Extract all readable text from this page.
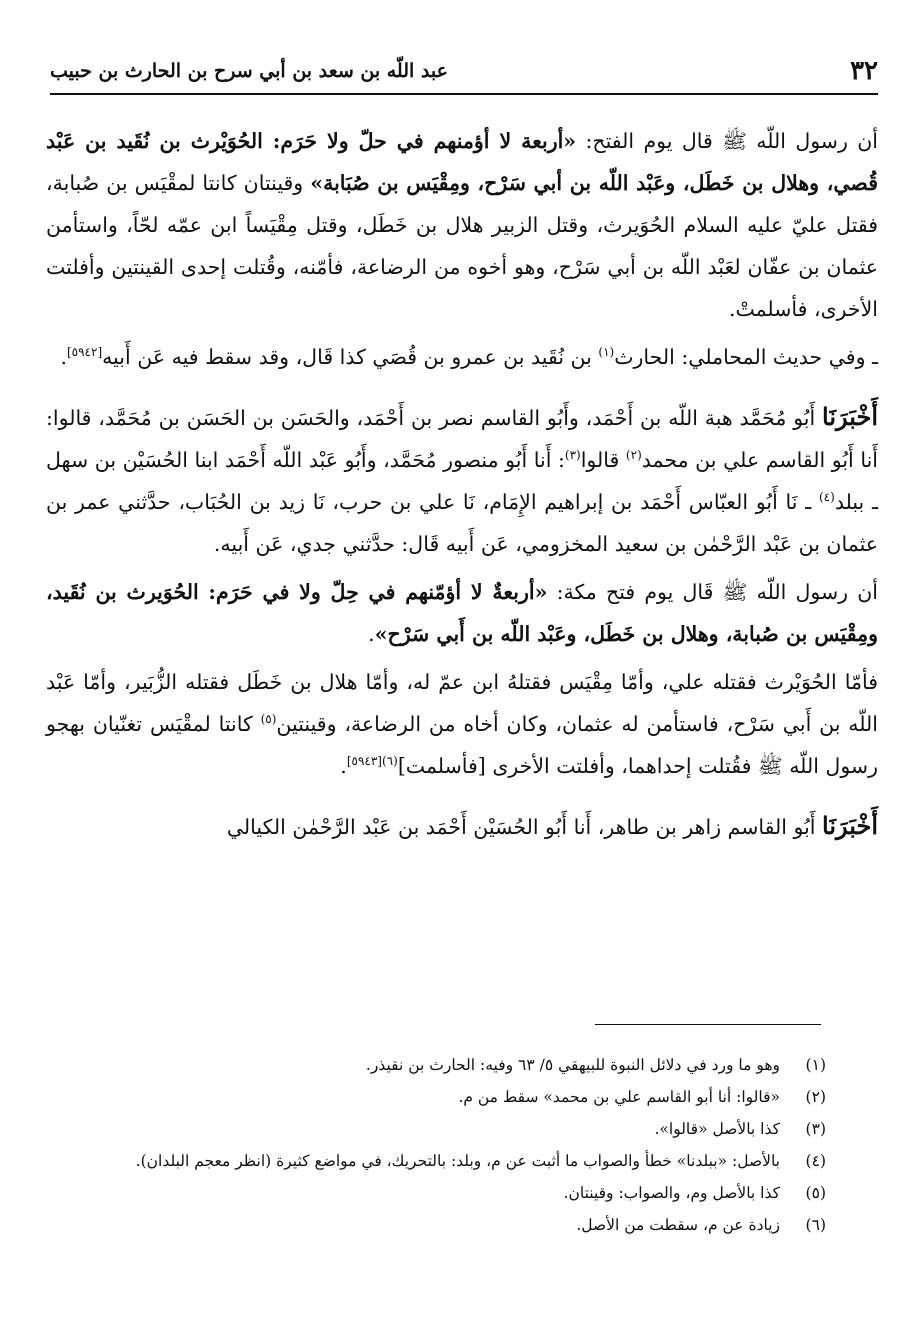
٣٢
عبد اللّه بن سعد بن أبي سرح بن الحارث بن حبيب

أن رسول اللّه ﷺ قال يوم الفتح: «أربعة لا أؤمنهم في حلّ ولا حَرَم: الحُوَيْرث بن نُقَيد بن عَبْد قُصي، وهلال بن خَطَل، وعَبْد اللّه بن أبي سَرْح، ومِقْيَس بن صُبَابة» وقينتان كانتا لمقْيَس بن صُبابة، فقتل عليّ عليه السلام الحُوَيرث، وقتل الزبير هلال بن خَطَل، وقتل مِقْيَساً ابن عمّه لحّاً، واستأمن عثمان بن عفّان لعَبْد اللّه بن أبي سَرْح، وهو أخوه من الرضاعة، فأمّنه، وقُتلت إحدى القينتين وأفلتت الأخرى، فأسلمتْ.

ـ وفي حديث المحاملي: الحارث$^{(١)}$ بن نُقَيد بن عمرو بن قُصَي كذا قَال، وقد سقط فيه عَن أَبيه[٥٩٤٢].

أَخْبَرَنَا أَبُو مُحَمَّد هبة اللّه بن أَحْمَد، وأَبُو القاسم نصر بن أَحْمَد، والحَسَن بن الحَسَن بن مُحَمَّد، قالوا: أَنا أَبُو القاسم علي بن محمد$^{(٢)}$ قالوا$^{(٣)}$: أَنا أَبُو منصور مُحَمَّد، وأَبُو عَبْد اللّه أَحْمَد ابنا الحُسَيْن بن سهل ـ ببلد$^{(٤)}$ ـ نَا أَبُو العبّاس أَحْمَد بن إبراهيم الإِمَام، نَا علي بن حرب، نَا زيد بن الحُبَاب، حدَّثني عمر بن عثمان بن عَبْد الرَّحْمٰن بن سعيد المخزومي، عَن أَبيه قَال: حدَّثني جدي، عَن أَبيه.

أن رسول اللّه ﷺ قَال يوم فتح مكة: «أربعةٌ لا أؤمّنهم في حِلّ ولا في حَرَم: الحُوَيرث بن نُقَيد، ومِقْيَس بن صُبابة، وهلال بن خَطَل، وعَبْد اللّه بن أَبي سَرْح».

فأمّا الحُوَيْرث فقتله علي، وأمّا مِقْيَس فقتلهُ ابن عمّ له، وأمّا هلال بن خَطَل فقتله الزُّبَير، وأمّا عَبْد اللّه بن أَبي سَرْح، فاستأمن له عثمان، وكان أخاه من الرضاعة، وقينتين$^{(٥)}$ كانتا لمقْيَس تغنّيان بهجو رسول اللّه ﷺ فقُتلت إحداهما، وأفلتت الأخرى [فأسلمت]$^{(٦)[٥٩٤٣]}$.

أَخْبَرَنَا أَبُو القاسم زاهر بن طاهر، أَنا أَبُو الحُسَيْن أَحْمَد بن عَبْد الرَّحْمٰن الكيالي

(١)
وهو ما ورد في دلائل النبوة للبيهقي ٥/ ٦٣ وفيه: الحارث بن نقيذر.
(٢)
«قالوا: أنا أبو القاسم علي بن محمد» سقط من م.
(٣)
كذا بالأصل «قالوا».
(٤)
بالأصل: «ببلدنا» خطأ والصواب ما أثبت عن م، وبلد: بالتحريك، في مواضع كثيرة (انظر معجم البلدان).
(٥)
كذا بالأصل وم، والصواب: وقينتان.
(٦)
زيادة عن م، سقطت من الأصل.
